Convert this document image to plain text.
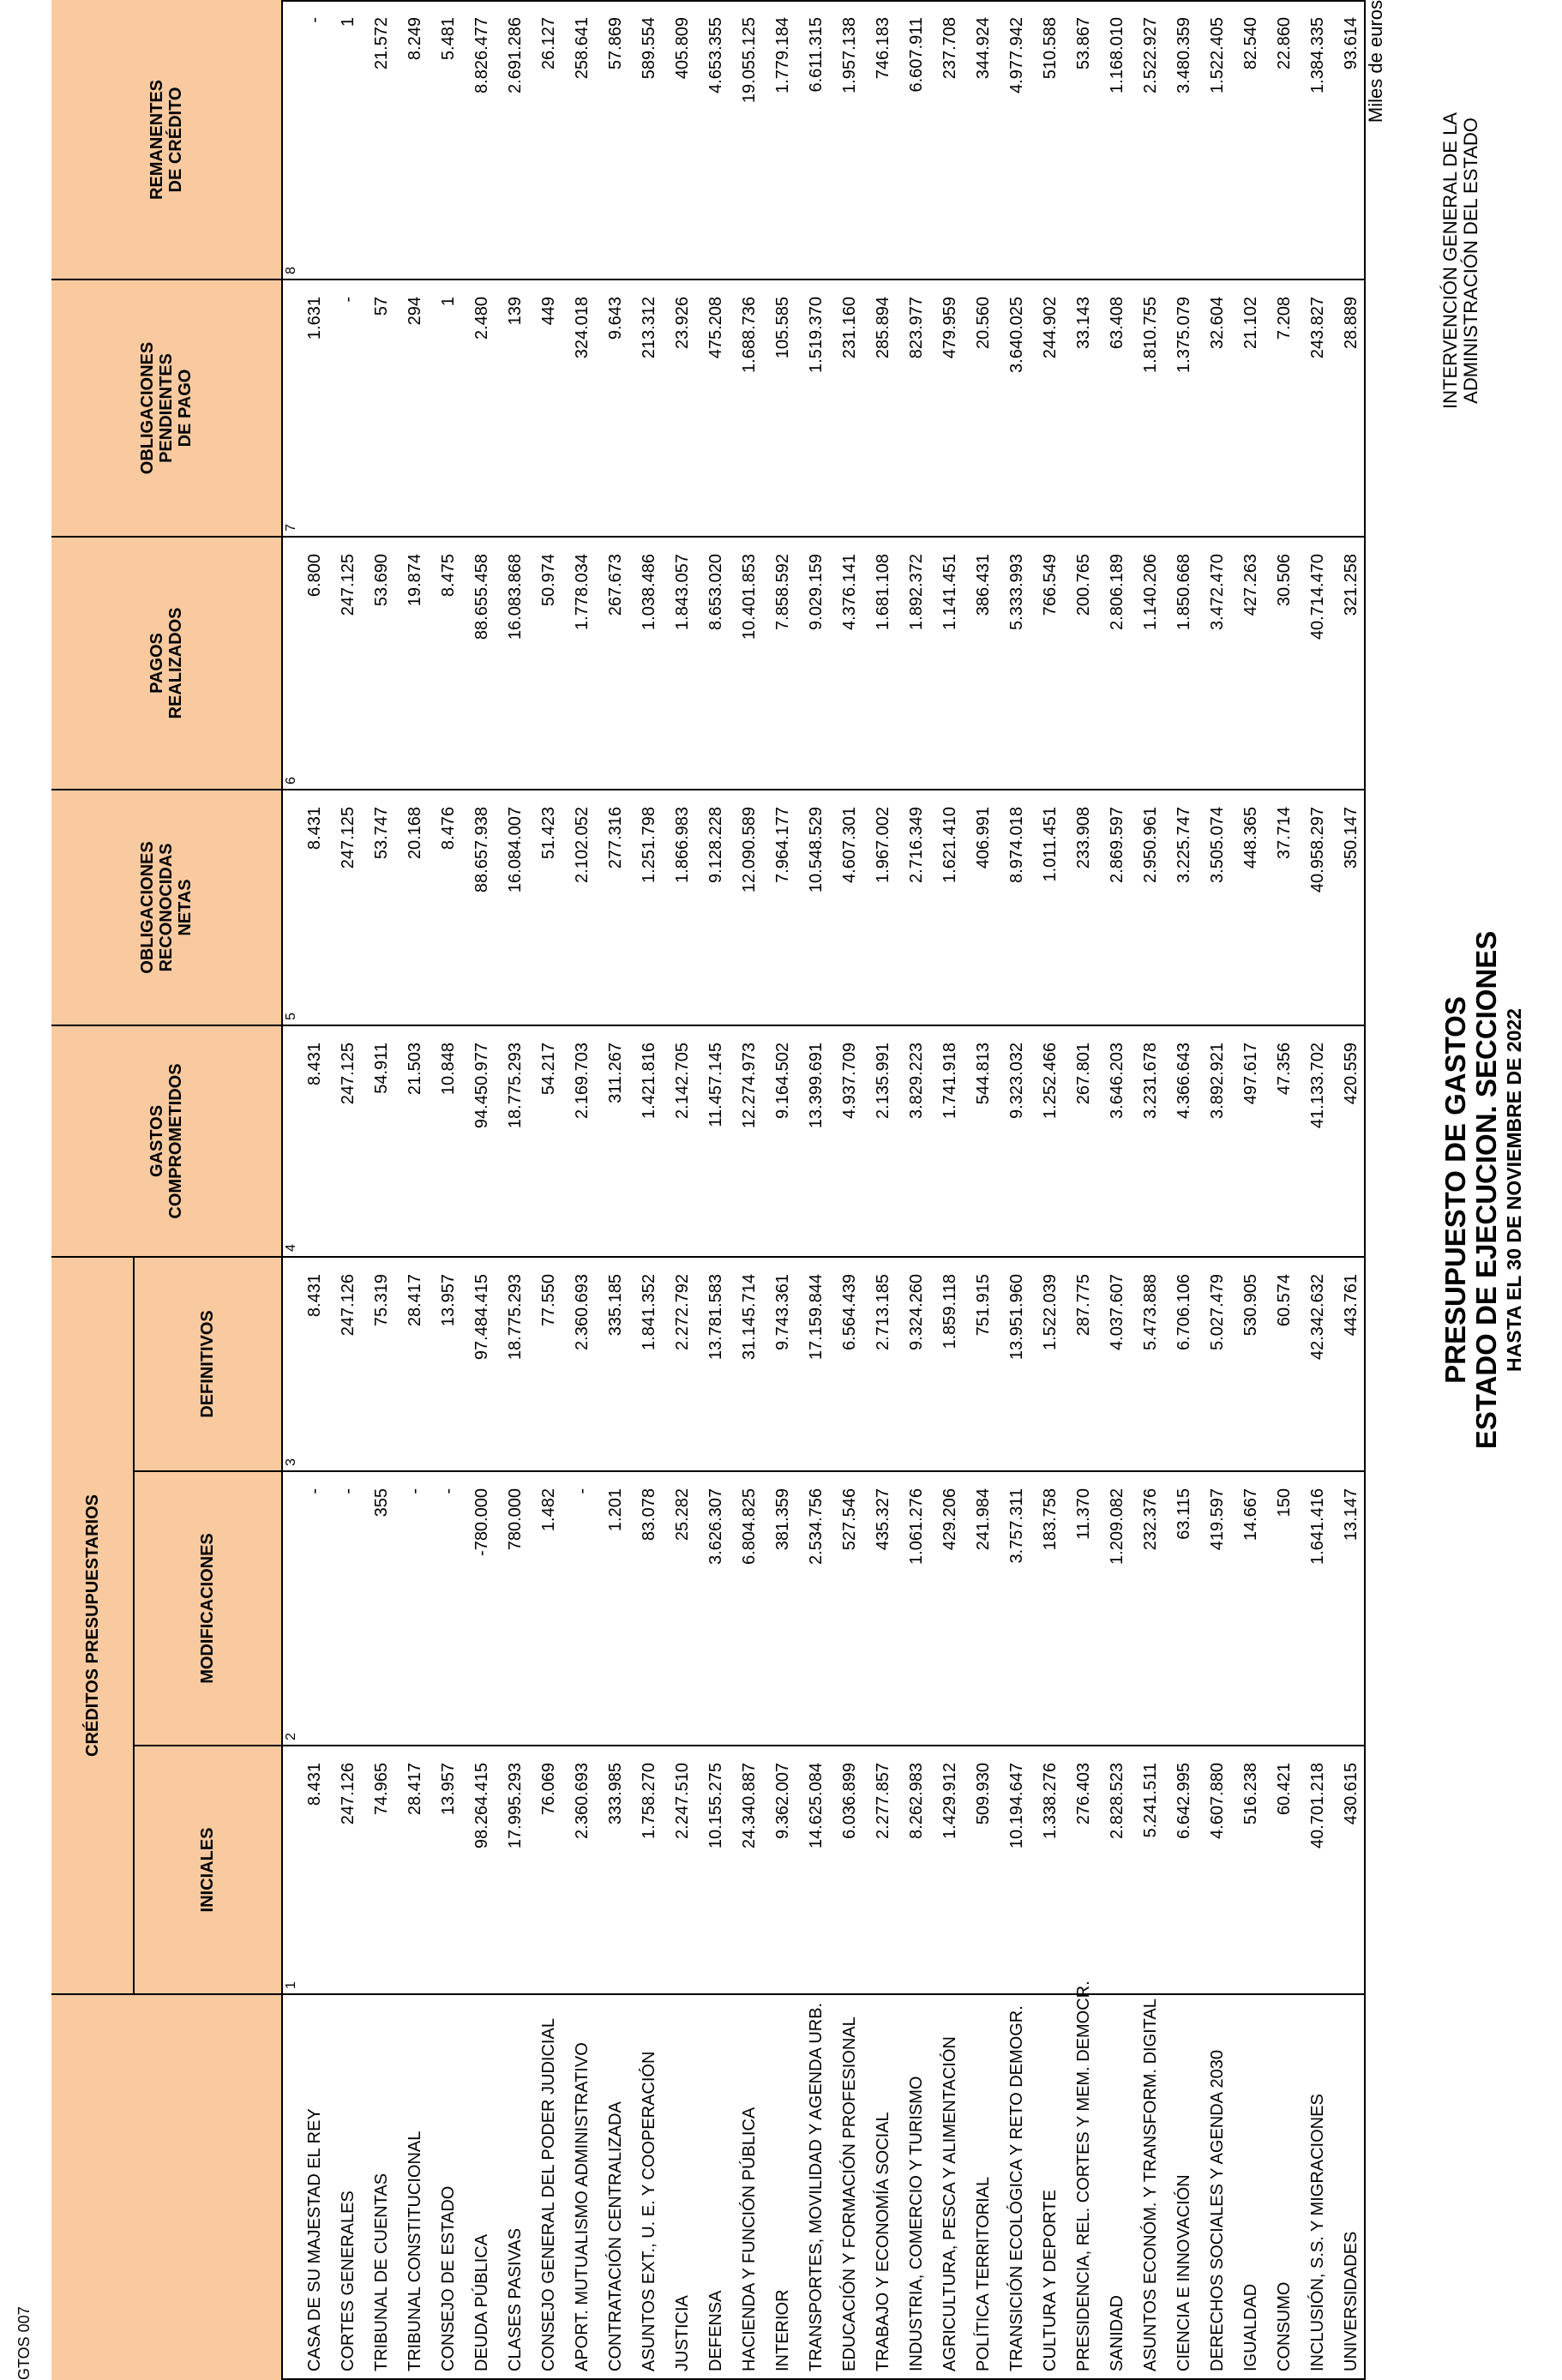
PRESUPUESTO DE GASTOS ESTADO DE EJECUCION. SECCIONES HASTA EL 30 DE NOVIEMBRE DE 2022
INTERVENCIÓN GENERAL DE LA ADMINISTRACIÓN DEL ESTADO
Miles de euros
GTOS 007
CRÉDITOS PRESUPUESTARIOS
INICIALES
1
MODIFICACIONES
2
DEFINITIVOS
3
GASTOS
COMPROMETIDOS
4
OBLIGACIONES
RECONOCIDAS
NETAS
5
PAGOS
REALIZADOS
6
OBLIGACIONES
PENDIENTES
DE PAGO
7
REMANENTES
DE CRÉDITO
8
CASA DE SU MAJESTAD EL REY
8.431
-
8.431
8.431
8.431
6.800
1.631
-
CORTES GENERALES
247.126
-
247.126
247.125
247.125
247.125
-
1
TRIBUNAL DE CUENTAS
74.965
355
75.319
54.911
53.747
53.690
57
21.572
TRIBUNAL CONSTITUCIONAL
28.417
-
28.417
21.503
20.168
19.874
294
8.249
CONSEJO DE ESTADO
13.957
-
13.957
10.848
8.476
8.475
1
5.481
DEUDA PÚBLICA
98.264.415
-780.000
97.484.415
94.450.977
88.657.938
88.655.458
2.480
8.826.477
CLASES PASIVAS
17.995.293
780.000
18.775.293
18.775.293
16.084.007
16.083.868
139
2.691.286
CONSEJO GENERAL DEL PODER JUDICIAL
76.069
1.482
77.550
54.217
51.423
50.974
449
26.127
APORT. MUTUALISMO ADMINISTRATIVO
2.360.693
-
2.360.693
2.169.703
2.102.052
1.778.034
324.018
258.641
CONTRATACIÓN CENTRALIZADA
333.985
1.201
335.185
311.267
277.316
267.673
9.643
57.869
ASUNTOS EXT., U. E. Y COOPERACIÓN
1.758.270
83.078
1.841.352
1.421.816
1.251.798
1.038.486
213.312
589.554
JUSTICIA
2.247.510
25.282
2.272.792
2.142.705
1.866.983
1.843.057
23.926
405.809
DEFENSA
10.155.275
3.626.307
13.781.583
11.457.145
9.128.228
8.653.020
475.208
4.653.355
HACIENDA Y FUNCIÓN PÚBLICA
24.340.887
6.804.825
31.145.714
12.274.973
12.090.589
10.401.853
1.688.736
19.055.125
INTERIOR
9.362.007
381.359
9.743.361
9.164.502
7.964.177
7.858.592
105.585
1.779.184
TRANSPORTES, MOVILIDAD Y AGENDA URB.
14.625.084
2.534.756
17.159.844
13.399.691
10.548.529
9.029.159
1.519.370
6.611.315
EDUCACIÓN Y FORMACIÓN PROFESIONAL
6.036.899
527.546
6.564.439
4.937.709
4.607.301
4.376.141
231.160
1.957.138
TRABAJO Y ECONOMÍA SOCIAL
2.277.857
435.327
2.713.185
2.135.991
1.967.002
1.681.108
285.894
746.183
INDUSTRIA, COMERCIO Y TURISMO
8.262.983
1.061.276
9.324.260
3.829.223
2.716.349
1.892.372
823.977
6.607.911
AGRICULTURA, PESCA Y ALIMENTACIÓN
1.429.912
429.206
1.859.118
1.741.918
1.621.410
1.141.451
479.959
237.708
POLÍTICA TERRITORIAL
509.930
241.984
751.915
544.813
406.991
386.431
20.560
344.924
TRANSICIÓN ECOLÓGICA Y RETO DEMOGR.
10.194.647
3.757.311
13.951.960
9.323.032
8.974.018
5.333.993
3.640.025
4.977.942
CULTURA Y DEPORTE
1.338.276
183.758
1.522.039
1.252.466
1.011.451
766.549
244.902
510.588
PRESIDENCIA, REL. CORTES Y MEM. DEMOCR.
276.403
11.370
287.775
267.801
233.908
200.765
33.143
53.867
SANIDAD
2.828.523
1.209.082
4.037.607
3.646.203
2.869.597
2.806.189
63.408
1.168.010
ASUNTOS ECONÓM. Y TRANSFORM. DIGITAL
5.241.511
232.376
5.473.888
3.231.678
2.950.961
1.140.206
1.810.755
2.522.927
CIENCIA E INNOVACIÓN
6.642.995
63.115
6.706.106
4.366.643
3.225.747
1.850.668
1.375.079
3.480.359
DERECHOS SOCIALES Y AGENDA 2030
4.607.880
419.597
5.027.479
3.892.921
3.505.074
3.472.470
32.604
1.522.405
IGUALDAD
516.238
14.667
530.905
497.617
448.365
427.263
21.102
82.540
CONSUMO
60.421
150
60.574
47.356
37.714
30.506
7.208
22.860
INCLUSIÓN, S.S. Y MIGRACIONES
40.701.218
1.641.416
42.342.632
41.133.702
40.958.297
40.714.470
243.827
1.384.335
UNIVERSIDADES
430.615
13.147
443.761
420.559
350.147
321.258
28.889
93.614
